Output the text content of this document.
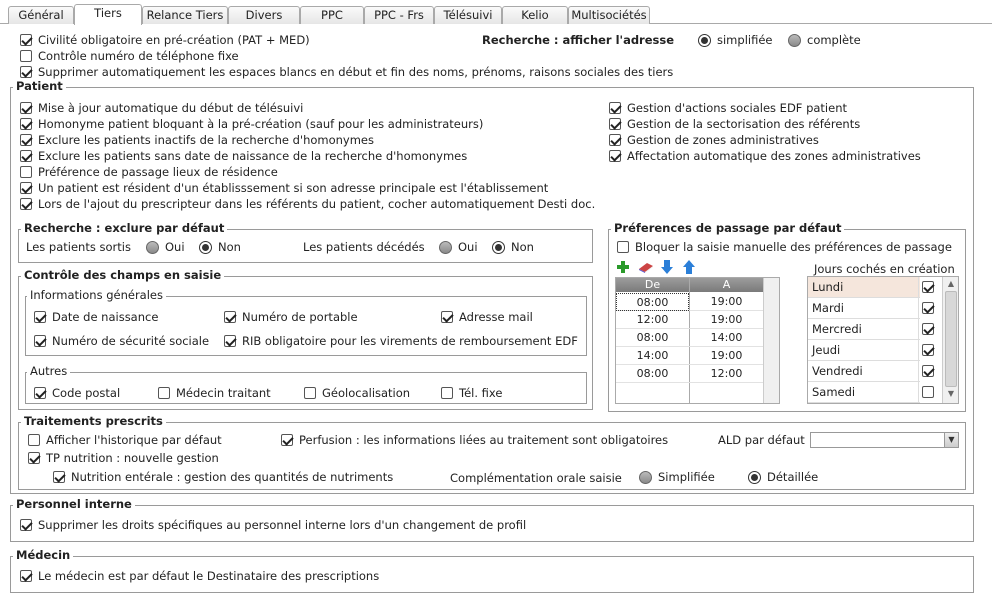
Général	Tiers	Relance Tiers	Divers	PPC	PPC - Frs	Télésuivi	Kelio	Multisociétés
Civilité obligatoire en pré-création (PAT + MED)
Contrôle numéro de téléphone fixe
Supprimer automatiquement les espaces blancs en début et fin des noms, prénoms, raisons sociales des tiers
Recherche : afficher l'adresse	simplifiée	complète
Patient
Mise à jour automatique du début de télésuivi
Homonyme patient bloquant à la pré-création (sauf pour les administrateurs)
Exclure les patients inactifs de la recherche d'homonymes
Exclure les patients sans date de naissance de la recherche d'homonymes
Préférence de passage lieux de résidence
Un patient est résident d'un établisssement si son adresse principale est l'établissement
Lors de l'ajout du prescripteur dans les référents du patient, cocher automatiquement Desti doc.
Gestion d'actions sociales EDF patient
Gestion de la sectorisation des référents
Gestion de zones administratives
Affectation automatique des zones administratives
Recherche : exclure par défaut
Les patients sortis	Oui	Non	Les patients décédés	Oui	Non
Contrôle des champs en saisie
Informations générales
Date de naissance	Numéro de portable	Adresse mail
Numéro de sécurité sociale	RIB obligatoire pour les virements de remboursement EDF
Autres
Code postal	Médecin traitant	Géolocalisation	Tél. fixe
Préferences de passage par défaut
Bloquer la saisie manuelle des préférences de passage
De	A
08:00	19:00
12:00	19:00
08:00	14:00
14:00	19:00
08:00	12:00
Jours cochés en création
Lundi
Mardi
Mercredi
Jeudi
Vendredi
Samedi
▲
▼
Traitements prescrits
Afficher l'historique par défaut	Perfusion : les informations liées au traitement sont obligatoires	ALD par défaut	▼
TP nutrition : nouvelle gestion
Nutrition entérale : gestion des quantités de nutriments	Complémentation orale saisie	Simplifiée	Détaillée
Personnel interne
Supprimer les droits spécifiques au personnel interne lors d'un changement de profil
Médecin
Le médecin est par défaut le Destinataire des prescriptions
